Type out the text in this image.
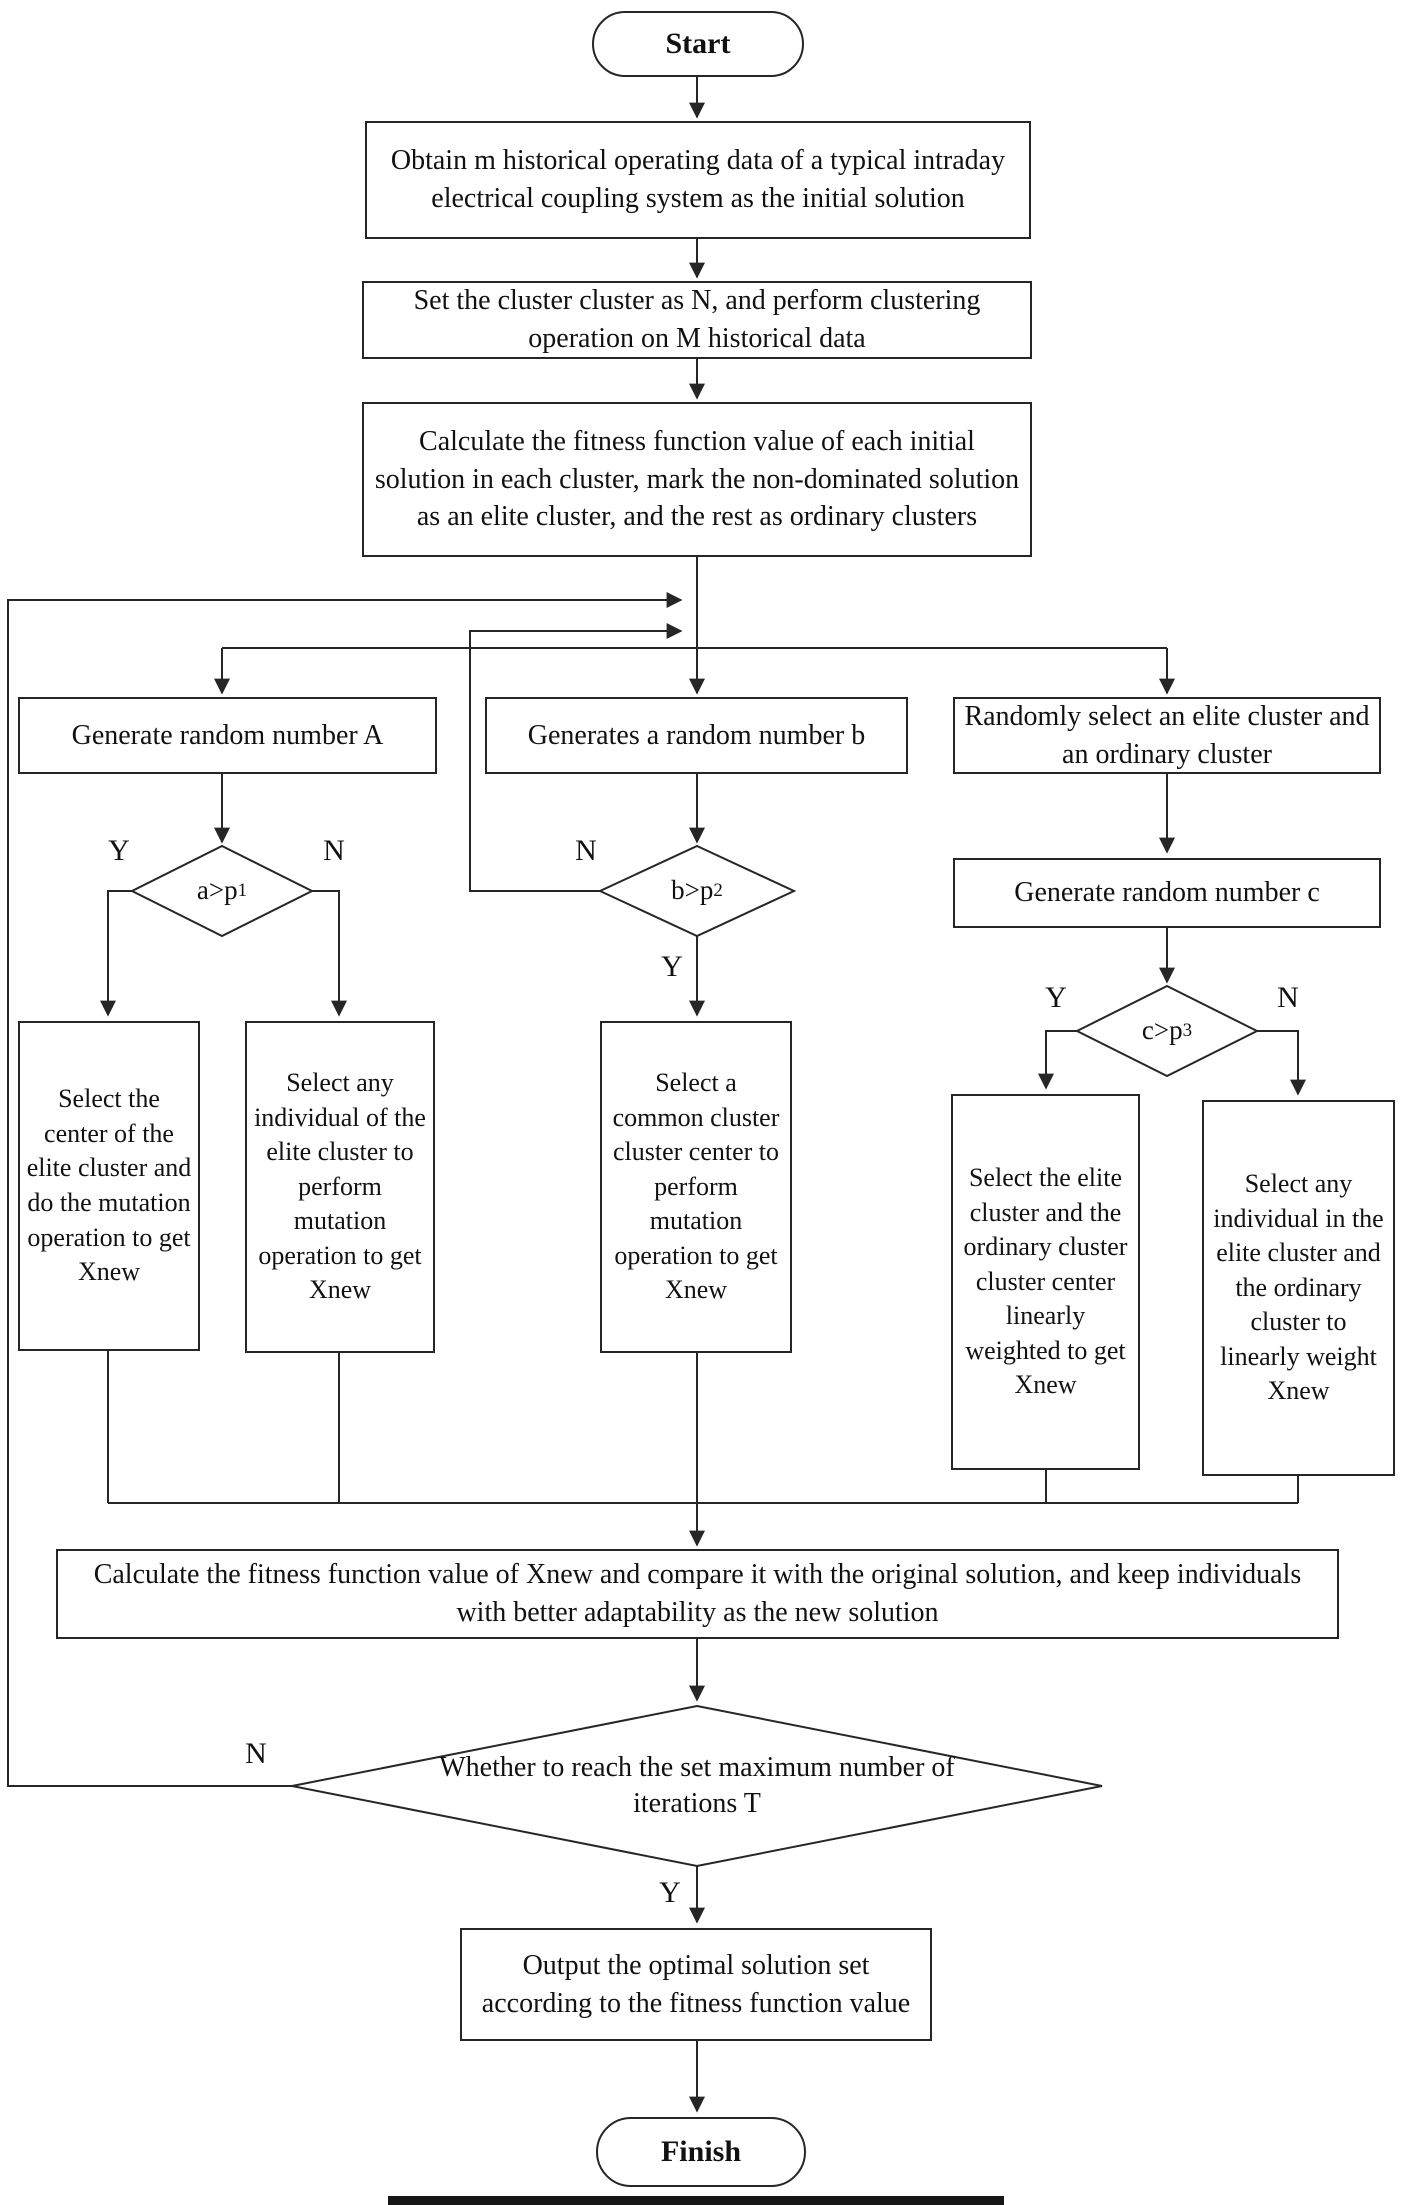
Start
Finish
Obtain m historical operating data of a typical intraday electrical coupling system as the initial solution
Set the cluster cluster as N, and perform clustering operation on M historical data
Calculate the fitness function value of each initial solution in each cluster, mark the non-dominated solution as an elite cluster, and the rest as ordinary clusters
Generate random number A	Generates a random number b
Randomly select an elite cluster and an ordinary cluster
Generate random number c
a>p 1	b>p 2
c>p 3
Whether to reach the set maximum number of iterations T
Select the center of the elite cluster and do the mutation operation to get Xnew
Select any individual of the elite cluster to perform mutation operation to get Xnew
Select a common cluster cluster center to perform mutation operation to get Xnew
Select the elite cluster and the ordinary cluster cluster center linearly weighted to get Xnew
Select any individual in the elite cluster and the ordinary cluster to linearly weight Xnew
Calculate the fitness function value of Xnew and compare it with the original solution, and keep individuals with better adaptability as the new solution
Output the optimal solution set according to the fitness function value
Y	N	N
Y
Y	N
N
Y
